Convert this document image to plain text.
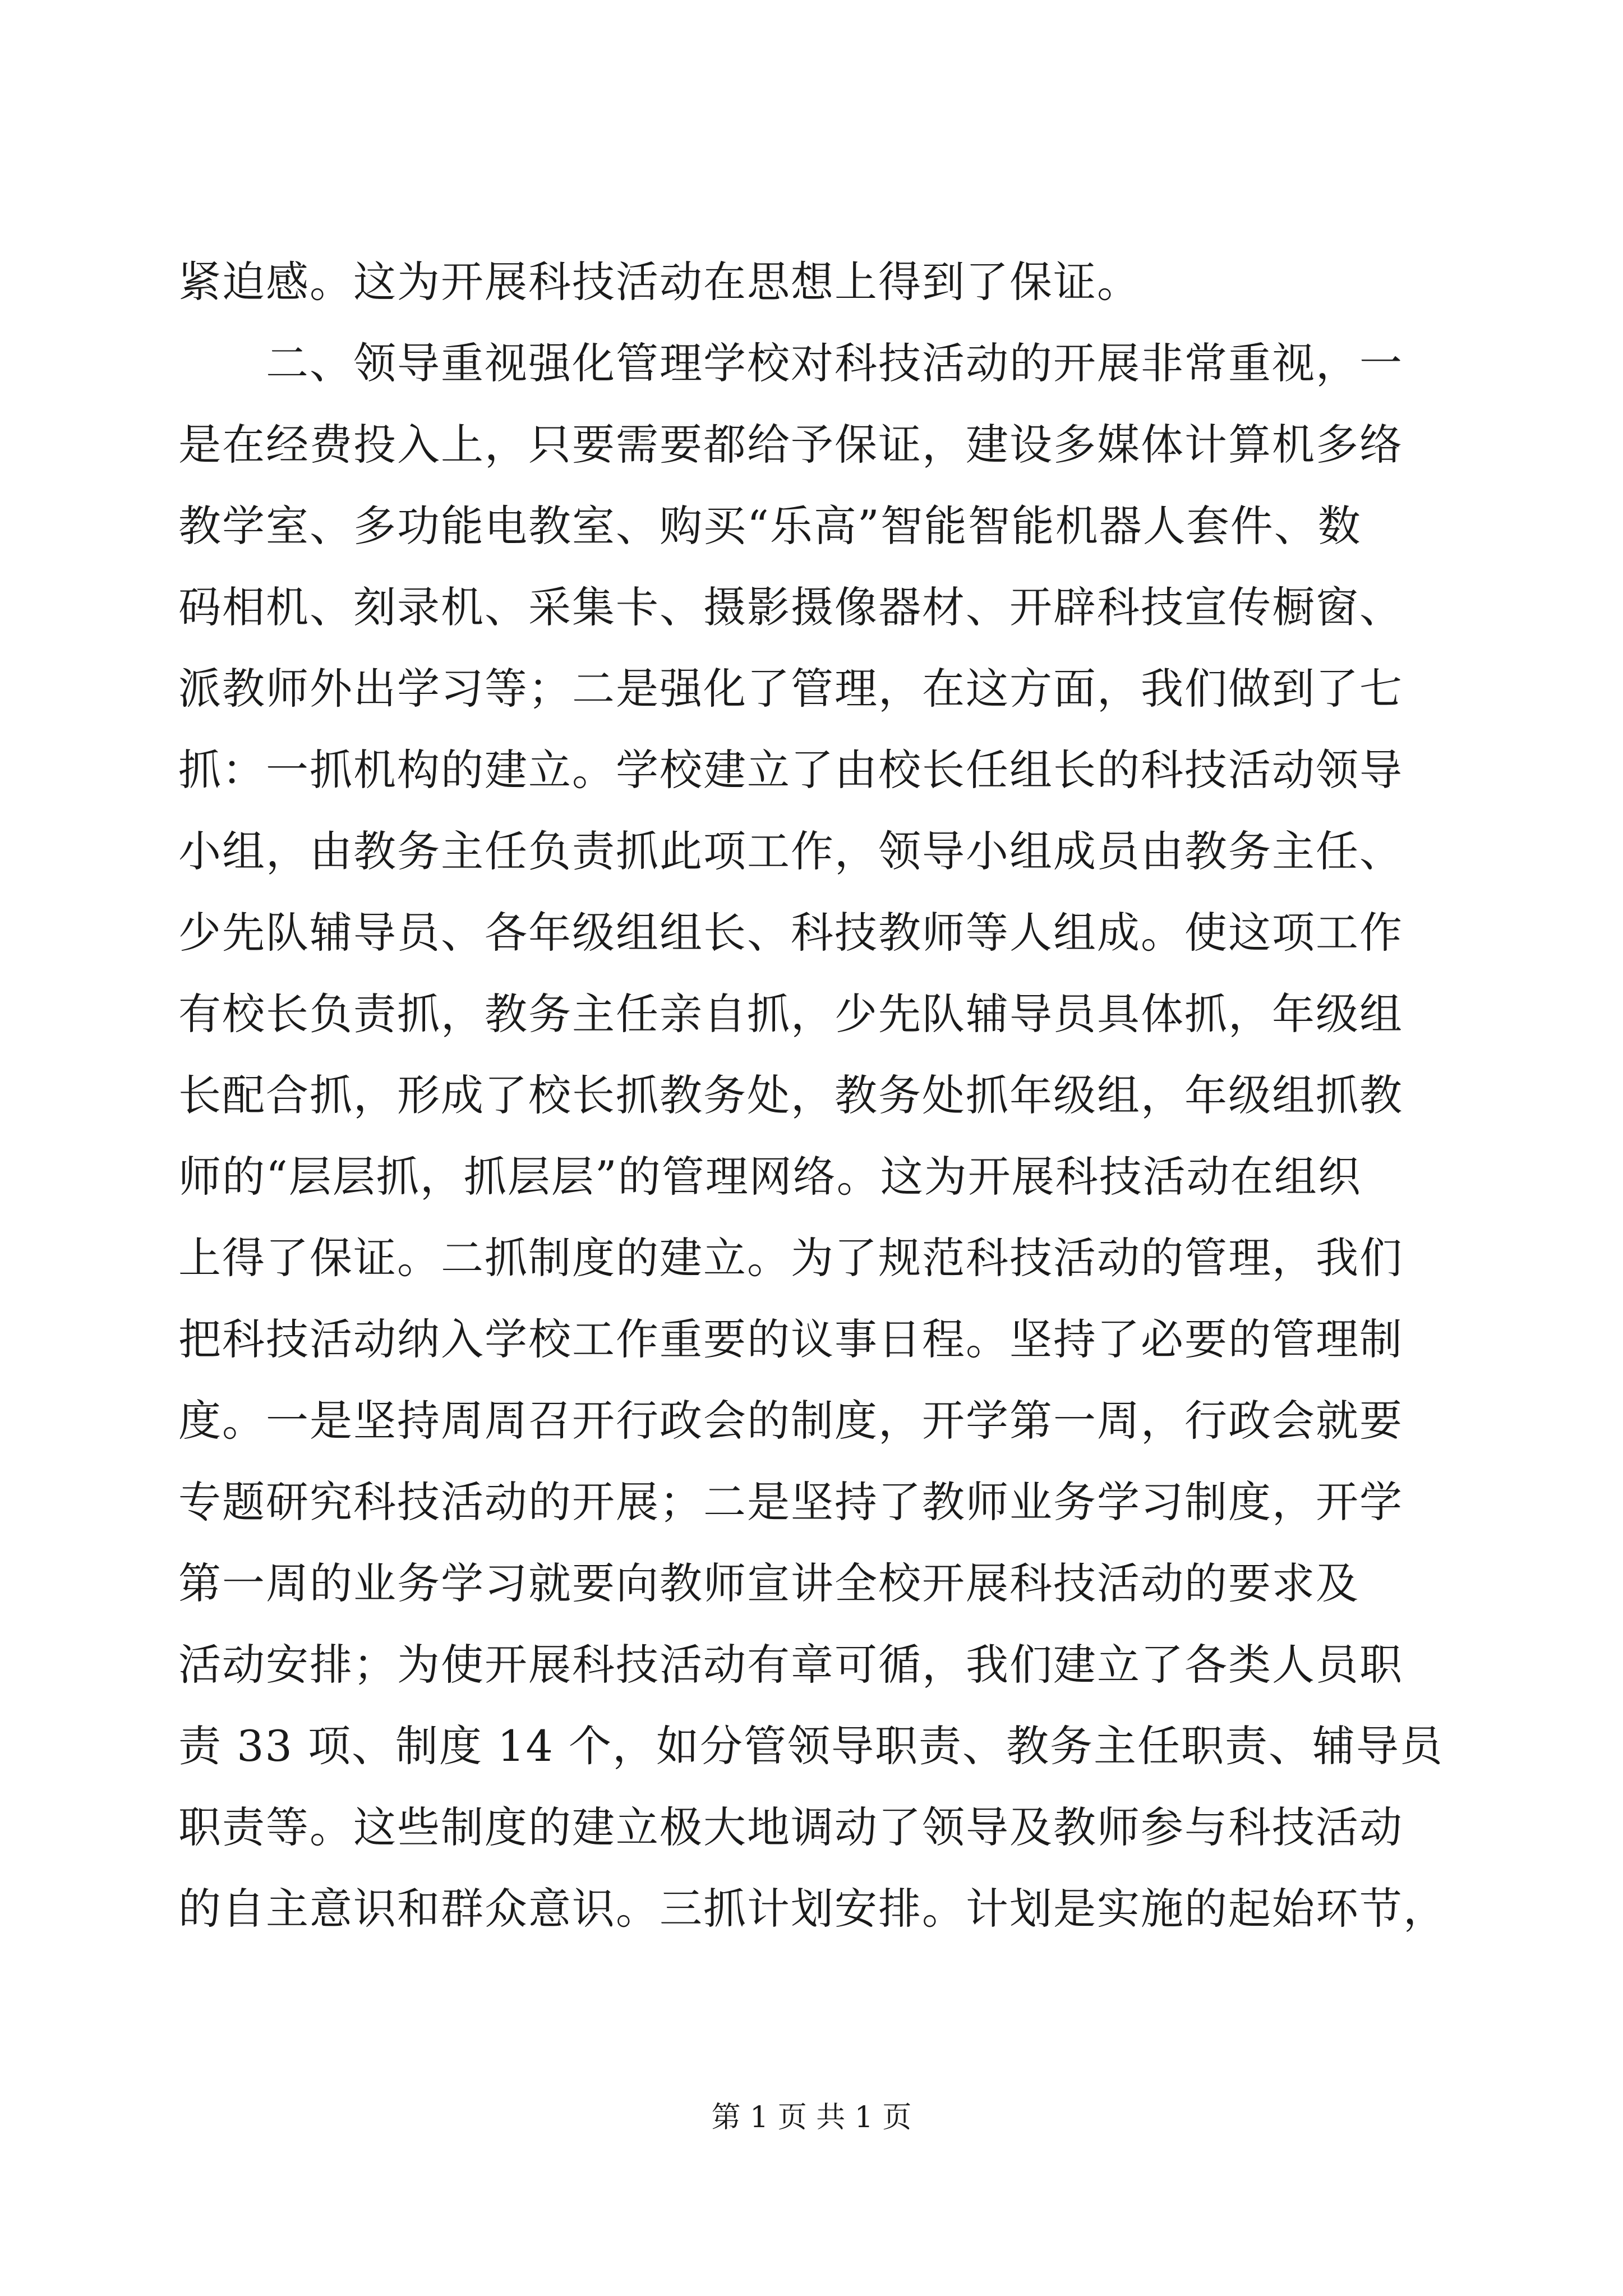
紧迫感。这为开展科技活动在思想上得到了保证。
　　二、领导重视强化管理学校对科技活动的开展非常重视，一
是在经费投入上，只要需要都给予保证，建设多媒体计算机多络
教学室、多功能电教室、购买“乐高”智能智能机器人套件、数
码相机、刻录机、采集卡、摄影摄像器材、开辟科技宣传橱窗、
派教师外出学习等；二是强化了管理，在这方面，我们做到了七
抓：一抓机构的建立。学校建立了由校长任组长的科技活动领导
小组，由教务主任负责抓此项工作，领导小组成员由教务主任、
少先队辅导员、各年级组组长、科技教师等人组成。使这项工作
有校长负责抓，教务主任亲自抓，少先队辅导员具体抓，年级组
长配合抓，形成了校长抓教务处，教务处抓年级组，年级组抓教
师的“层层抓，抓层层”的管理网络。这为开展科技活动在组织
上得了保证。二抓制度的建立。为了规范科技活动的管理，我们
把科技活动纳入学校工作重要的议事日程。坚持了必要的管理制
度。一是坚持周周召开行政会的制度，开学第一周，行政会就要
专题研究科技活动的开展；二是坚持了教师业务学习制度，开学
第一周的业务学习就要向教师宣讲全校开展科技活动的要求及
活动安排；为使开展科技活动有章可循，我们建立了各类人员职
责 33 项、制度 14 个，如分管领导职责、教务主任职责、辅导员
职责等。这些制度的建立极大地调动了领导及教师参与科技活动
的自主意识和群众意识。三抓计划安排。计划是实施的起始环节，
第 1 页 共 1 页
